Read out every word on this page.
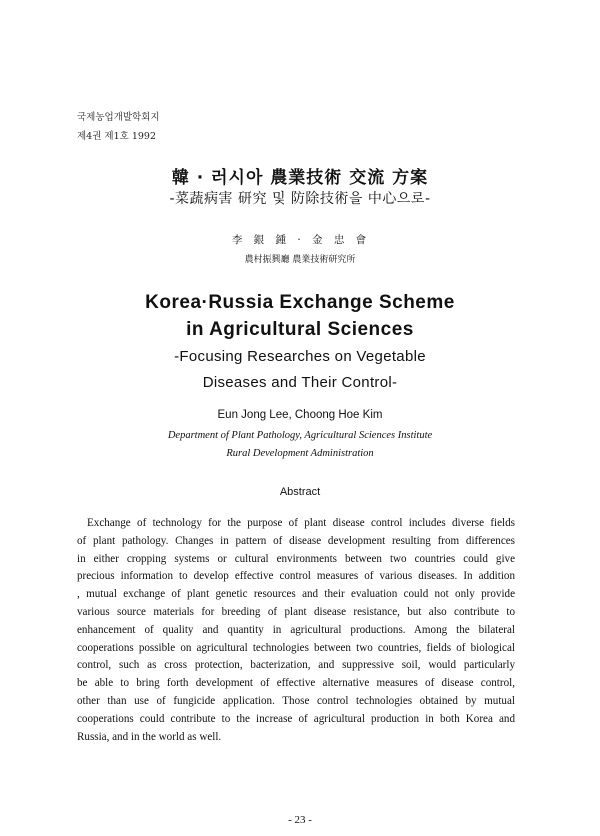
국제농업개발학회지
제4권 제1호 1992
韓 · 러시아 農業技術 交流 方案
-菜蔬病害 研究 및 防除技術을 中心으로-
李 銀 鍾 · 金 忠 會
農村振興廳 農業技術研究所
Korea·Russia Exchange Scheme
in Agricultural Sciences
-Focusing Researches on Vegetable
Diseases and Their Control-
Eun Jong Lee, Choong Hoe Kim
Department of Plant Pathology, Agricultural Sciences Institute
Rural Development Administration
Abstract
Exchange of technology for the purpose of plant disease control includes diverse fields
of plant pathology. Changes in pattern of disease development resulting from differences
in either cropping systems or cultural environments between two countries could give
precious information to develop effective control measures of various diseases. In addition
, mutual exchange of plant genetic resources and their evaluation could not only provide
various source materials for breeding of plant disease resistance, but also contribute to
enhancement of quality and quantity in agricultural productions. Among the bilateral
cooperations possible on agricultural technologies between two countries, fields of biological
control, such as cross protection, bacterization, and suppressive soil, would particularly
be able to bring forth development of effective alternative measures of disease control,
other than use of fungicide application. Those control technologies obtained by mutual
cooperations could contribute to the increase of agricultural production in both Korea and
Russia, and in the world as well.
- 23 -
